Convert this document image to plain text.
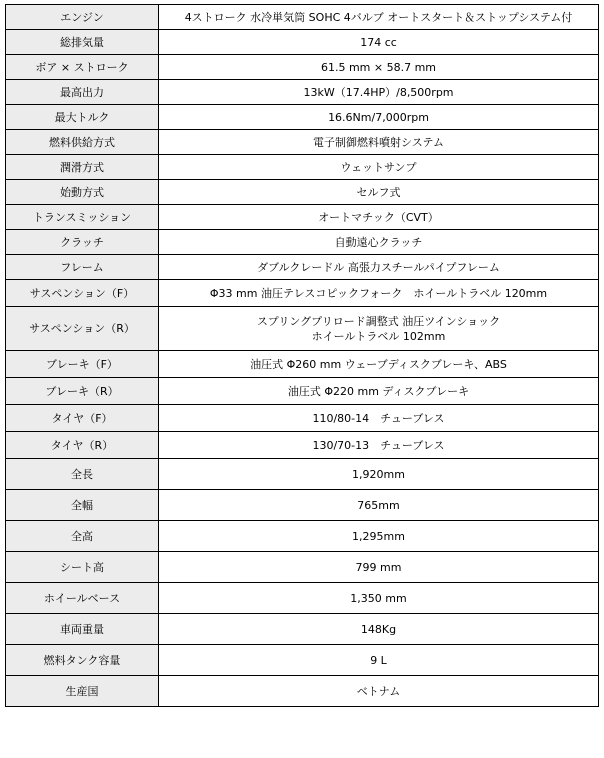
エンジン	4ストローク 水冷単気筒 SOHC 4バルブ オートスタート＆ストップシステム付

総排気量	174 cc

ボア × ストローク	61.5 mm × 58.7 mm

最高出力	13kW（17.4HP）/8,500rpm

最大トルク	16.6Nm/7,000rpm

燃料供給方式	電子制御燃料噴射システム

潤滑方式	ウェットサンプ

始動方式	セルフ式

トランスミッション	オートマチック（CVT）

クラッチ	自動遠心クラッチ

フレーム	ダブルクレードル 高張力スチールパイプフレーム

サスペンション（F）	Φ33 mm 油圧テレスコピックフォーク　ホイールトラベル 120mm

サスペンション（R）	スプリングプリロード調整式 油圧ツインショック
ホイールトラベル 102mm

ブレーキ（F）	油圧式 Φ260 mm ウェーブディスクブレーキ、ABS

ブレーキ（R）	油圧式 Φ220 mm ディスクブレーキ

タイヤ（F）	110/80-14　チューブレス

タイヤ（R）	130/70-13　チューブレス

全長	1,920mm

全幅	765mm

全高	1,295mm

シート高	799 mm

ホイールベース	1,350 mm

車両重量	148Kg

燃料タンク容量	9 L

生産国	ベトナム
